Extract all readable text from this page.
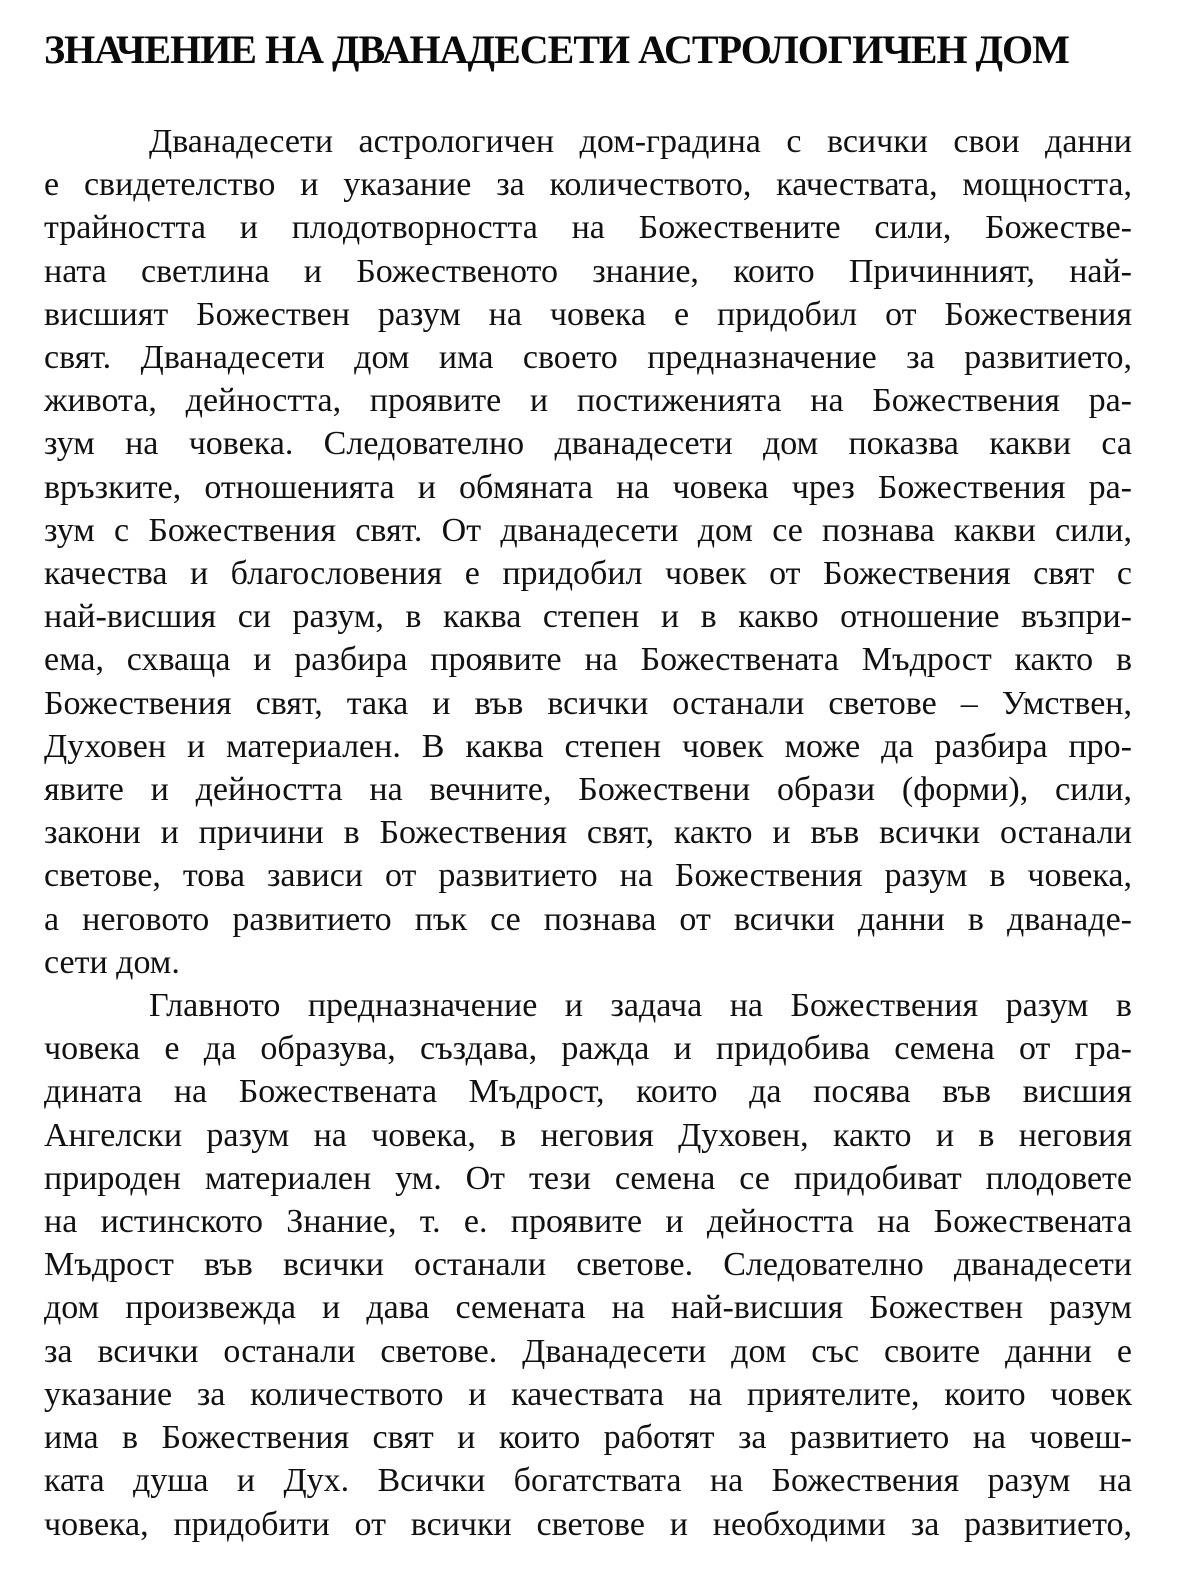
ЗНАЧЕНИЕ НА ДВАНАДЕСЕТИ АСТРОЛОГИЧЕН ДОМ

Дванадесети астрологичен дом-градина с всички свои данни
е свидетелство и указание за количеството, качествата, мощността,
трайността и плодотворността на Божествените сили, Божестве-
ната светлина и Божественото знание, които Причинният, най-
висшият Божествен разум на човека е придобил от Божествения
свят. Дванадесети дом има своето предназначение за развитието,
живота, дейността, проявите и постиженията на Божествения ра-
зум на човека. Следователно дванадесети дом показва какви са
връзките, отношенията и обмяната на човека чрез Божествения ра-
зум с Божествения свят. От дванадесети дом се познава какви сили,
качества и благословения е придобил човек от Божествения свят с
най-висшия си разум, в каква степен и в какво отношение възпри-
ема, схваща и разбира проявите на Божествената Мъдрост както в
Божествения свят, така и във всички останали светове – Умствен,
Духовен и материален. В каква степен човек може да разбира про-
явите и дейността на вечните, Божествени образи (форми), сили,
закони и причини в Божествения свят, както и във всички останали
светове, това зависи от развитието на Божествения разум в човека,
а неговото развитието пък се познава от всички данни в дванаде-
сети дом.

Главното предназначение и задача на Божествения разум в
човека е да образува, създава, ражда и придобива семена от гра-
дината на Божествената Мъдрост, които да посява във висшия
Ангелски разум на човека, в неговия Духовен, както и в неговия
природен материален ум. От тези семена се придобиват плодовете
на истинското Знание, т. е. проявите и дейността на Божествената
Мъдрост във всички останали светове. Следователно дванадесети
дом произвежда и дава семената на най-висшия Божествен разум
за всички останали светове. Дванадесети дом със своите данни е
указание за количеството и качествата на приятелите, които човек
има в Божествения свят и които работят за развитието на човеш-
ката душа и Дух. Всички богатствата на Божествения разум на
човека, придобити от всички светове и необходими за развитието,
